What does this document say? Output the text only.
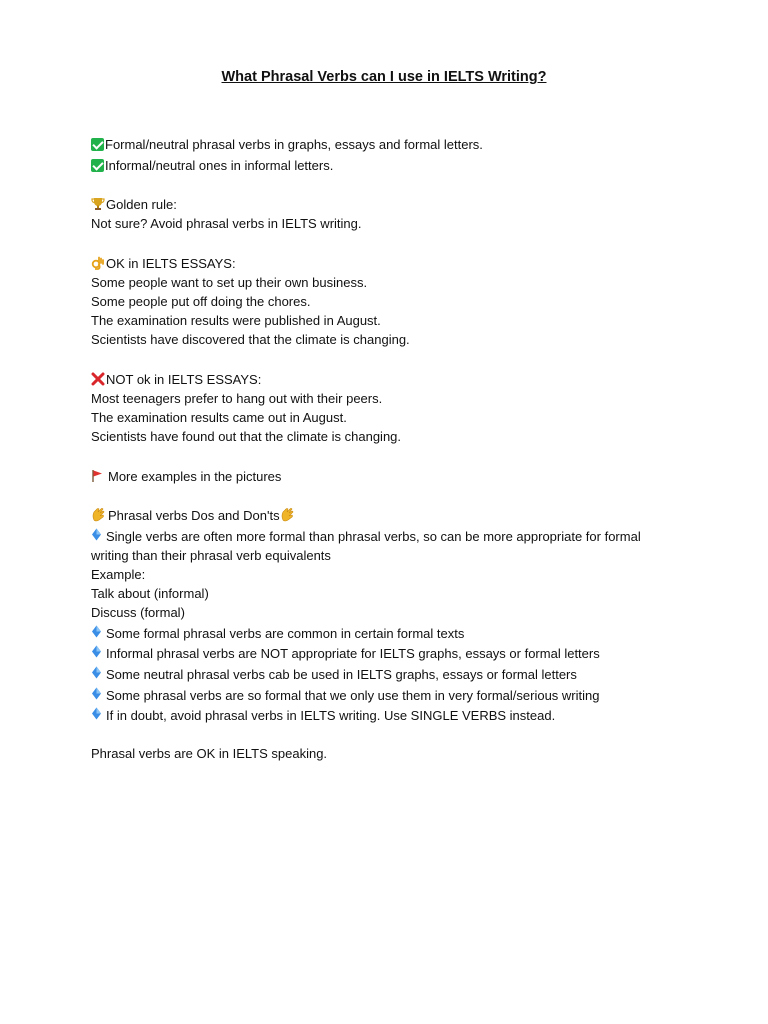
What Phrasal Verbs can I use in IELTS Writing?
Formal/neutral phrasal verbs in graphs, essays and formal letters.
Informal/neutral ones in informal letters.
Golden rule:
Not sure? Avoid phrasal verbs in IELTS writing.
OK in IELTS ESSAYS:
Some people want to set up their own business.
Some people put off doing the chores.
The examination results were published in August.
Scientists have discovered that the climate is changing.
NOT ok in IELTS ESSAYS:
Most teenagers prefer to hang out with their peers.
The examination results came out in August.
Scientists have found out that the climate is changing.
More examples in the pictures
Phrasal verbs Dos and Don'ts
Single verbs are often more formal than phrasal verbs, so can be more appropriate for formal
writing than their phrasal verb equivalents
Example:
Talk about (informal)
Discuss (formal)
Some formal phrasal verbs are common in certain formal texts
Informal phrasal verbs are NOT appropriate for IELTS graphs, essays or formal letters
Some neutral phrasal verbs cab be used in IELTS graphs, essays or formal letters
Some phrasal verbs are so formal that we only use them in very formal/serious writing
If in doubt, avoid phrasal verbs in IELTS writing. Use SINGLE VERBS instead.
Phrasal verbs are OK in IELTS speaking.
